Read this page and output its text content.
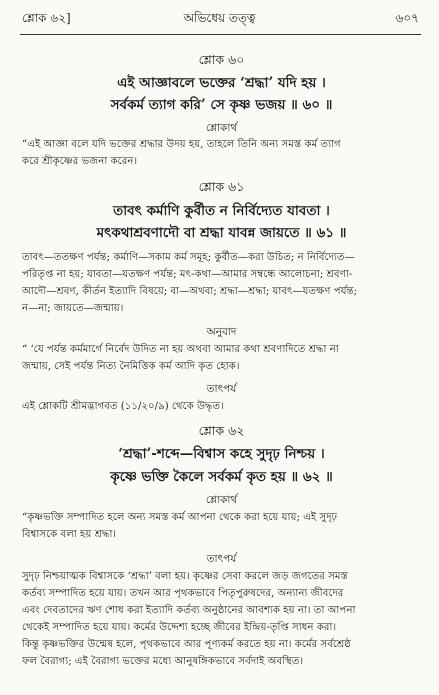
অভিধেয় তত্ত্ব
শ্লোক ৬২]	৬০৭
শ্লোক ৬০
এই আজ্ঞাবলে ভক্তের ‘শ্রদ্ধা’ যদি হয় ।
সর্বকর্ম ত্যাগ করি’ সে কৃষ্ণ ভজয় ॥ ৬০ ॥
শ্লোকার্থ
“এই আজ্ঞা বলে যদি ভক্তের শ্রদ্ধার উদয় হয়, তাহলে তিনি অন্য সমস্ত কর্ম ত্যাগ
করে শ্রীকৃষ্ণের ভজনা করেন।
শ্লোক ৬১
তাবৎ কর্মাণি কুর্বীত ন নির্বিদ্যেত যাবতা ।
মৎকথাশ্রবণাদৌ বা শ্রদ্ধা যাবন্ন জায়তে ॥ ৬১ ॥
তাবৎ—ততক্ষণ পর্যন্ত; কর্মাণি—সকাম কর্ম সমূহ; কুর্বীত—করা উচিত; ন নির্বিদ্যেত—
পরিতৃপ্ত না হয়; যাবতা—যতক্ষণ পর্যন্ত; মৎ-কথা—আমার সম্বন্ধে আলোচনা; শ্রবণা-
আদৌ—শ্রবণ, কীর্তন ইত্যাদি বিষয়ে; বা—অথবা; শ্রদ্ধা—শ্রদ্ধা; যাবৎ—যতক্ষণ পর্যন্ত;
ন—না; জায়তে—জন্মায়।
অনুবাদ
“ ‘যে পর্যন্ত কর্মমার্গে নির্বেদ উদিত না হয় অথবা আমার কথা শ্রবণাদিতে শ্রদ্ধা না
জন্মায়, সেই পর্যন্ত নিত্য নৈমিত্তিক কর্ম আদি কৃত হোক।
তাৎপর্য
এই শ্লোকটি শ্রীমদ্ভাগবত (১১/২০/৯) থেকে উদ্ধৃত।
শ্লোক ৬২
‘শ্রদ্ধা’-শব্দে—বিশ্বাস কহে সুদৃঢ় নিশ্চয় ।
কৃষ্ণে ভক্তি কৈলে সর্বকর্ম কৃত হয় ॥ ৬২ ॥
শ্লোকার্থ
“কৃষ্ণভক্তি সম্পাদিত হলে অন্য সমস্ত কর্ম আপনা থেকে করা হয়ে যায়; এই সুদৃঢ়
বিশ্বাসকে বলা হয় শ্রদ্ধা।
তাৎপর্য
সুদৃঢ় নিশ্চয়াত্মক বিশ্বাসকে ‘শ্রদ্ধা’ বলা হয়। কৃষ্ণের সেবা করলে জড় জগতের সমস্ত
কর্তব্য সম্পাদিত হয়ে যায়। তখন আর পৃথকভাবে পিতৃপুরুষদের, অন্যান্য জীবদের
এবং দেবতাদের ঋণ শোধ করা ইত্যাদি কর্তব্য অনুষ্ঠানের আবশ্যক হয় না। তা আপনা
থেকেই সম্পাদিত হয়ে যায়। কর্মের উদ্দেশ্য হচ্ছে জীবের ইন্দ্রিয়-তৃপ্তি সাধন করা।
কিন্তু কৃষ্ণভক্তির উন্মেষ হলে, পৃথকভাবে আর পূণ্যকর্ম করতে হয় না। কর্মের সর্বশ্রেষ্ঠ
ফল বৈরাগ্য; এই বৈরাগ্য ভক্তের মধ্যে আনুষঙ্গিকভাবে সর্বদাই অবস্থিত।
